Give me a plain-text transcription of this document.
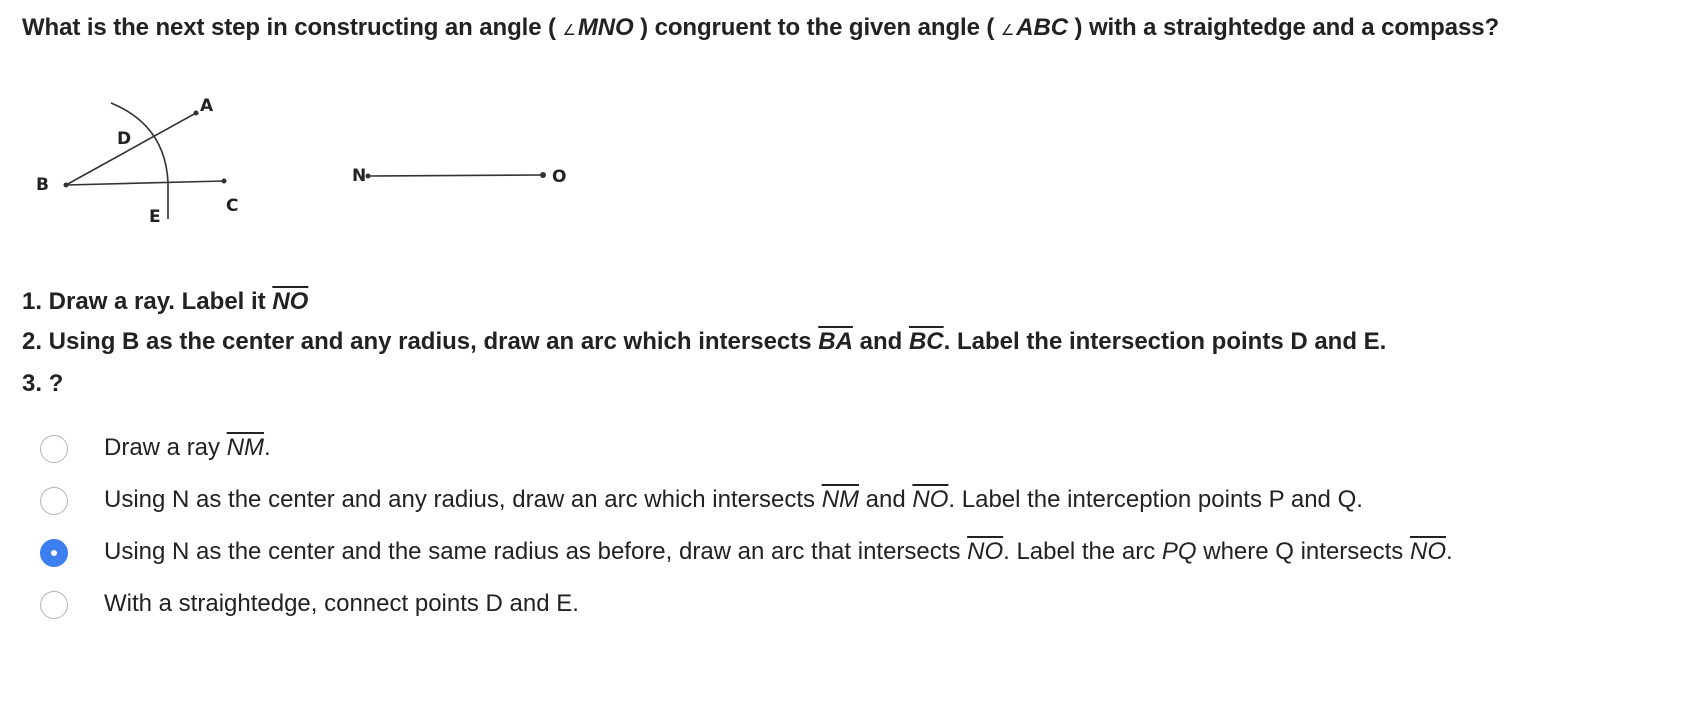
What is the next step in constructing an angle ( ∠MNO ) congruent to the given angle ( ∠ABC ) with a straightedge and a compass?
A
B
C
D
E
N	O

1. Draw a ray. Label it $\overline{NO}$

2. Using B as the center and any radius, draw an arc which intersects $\overline{BA}$ and $\overline{BC}$. Label the intersection points D and E.

3. ?

Draw a ray $\overline{NM}$.
Using N as the center and any radius, draw an arc which intersects $\overline{NM}$ and $\overline{NO}$. Label the interception points P and Q.
Using N as the center and the same radius as before, draw an arc that intersects $\overline{NO}$. Label the arc PQ where Q intersects $\overline{NO}$.
With a straightedge, connect points D and E.
